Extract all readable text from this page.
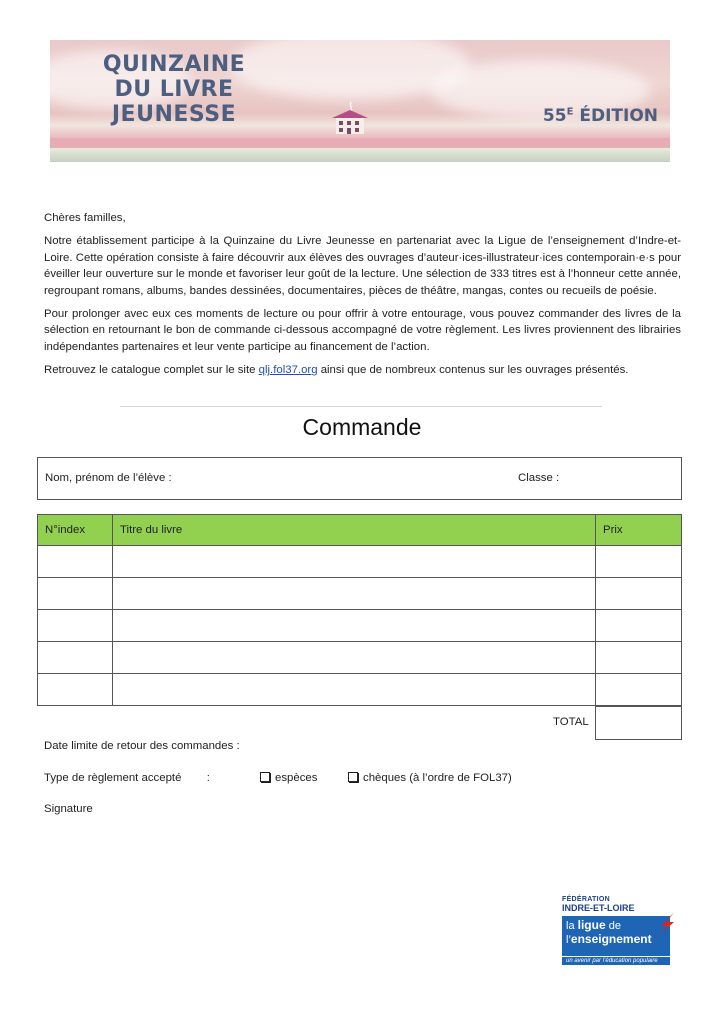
QUINZAINE
DU LIVRE
JEUNESSE	$55^E$ ÉDITION

Chères familles,

Notre établissement participe à la Quinzaine du Livre Jeunesse en partenariat avec la Ligue de l’enseignement d’Indre-et-Loire. Cette opération consiste à faire découvrir aux élèves des ouvrages d’auteur·ices-illustrateur·ices contemporain·e·s pour éveiller leur ouverture sur le monde et favoriser leur goût de la lecture. Une sélection de 333 titres est à l’honneur cette année, regroupant romans, albums, bandes dessinées, documentaires, pièces de théâtre, mangas, contes ou recueils de poésie.

Pour prolonger avec eux ces moments de lecture ou pour offrir à votre entourage, vous pouvez commander des livres de la sélection en retournant le bon de commande ci-dessous accompagné de votre règlement. Les livres proviennent des librairies indépendantes partenaires et leur vente participe au financement de l’action.

Retrouvez le catalogue complet sur le site qlj.fol37.org ainsi que de nombreux contenus sur les ouvrages présentés.

Commande
Nom, prénom de l’élève :	Classe :
N°index	Titre du livre	Prix

TOTAL
Date limite de retour des commandes :
Type de règlement accepté        :	espèces	chèques (à l’ordre de FOL37)
Signature
FÉDÉRATION
INDRE-ET-LOIRE
la ligue de
l’enseignement
un avenir par l’éducation populaire
